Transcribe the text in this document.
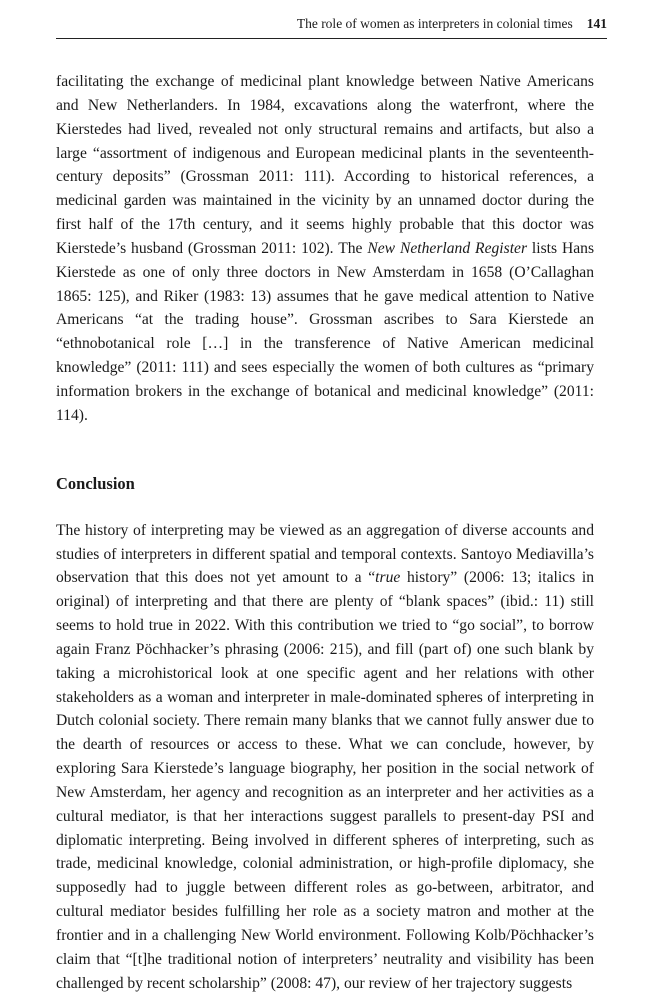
The role of women as interpreters in colonial times 141

facilitating the exchange of medicinal plant knowledge between Native Americans and New Netherlanders. In 1984, excavations along the waterfront, where the Kierstedes had lived, revealed not only structural remains and artifacts, but also a large “assortment of indigenous and European medicinal plants in the seventeenth-century deposits” (Grossman 2011: 111). According to historical references, a medicinal garden was maintained in the vicinity by an unnamed doctor during the first half of the 17th century, and it seems highly probable that this doctor was Kierstede’s husband (Grossman 2011: 102). The New Netherland Register lists Hans Kierstede as one of only three doctors in New Amsterdam in 1658 (O’Callaghan 1865: 125), and Riker (1983: 13) assumes that he gave medical attention to Native Americans “at the trading house”. Grossman ascribes to Sara Kierstede an “ethnobotanical role […] in the transference of Native American medicinal knowledge” (2011: 111) and sees especially the women of both cultures as “primary information brokers in the exchange of botanical and medicinal knowledge” (2011: 114).

Conclusion

The history of interpreting may be viewed as an aggregation of diverse accounts and studies of interpreters in different spatial and temporal contexts. Santoyo Mediavilla’s observation that this does not yet amount to a “true history” (2006: 13; italics in original) of interpreting and that there are plenty of “blank spaces” (ibid.: 11) still seems to hold true in 2022. With this contribution we tried to “go social”, to borrow again Franz Pöchhacker’s phrasing (2006: 215), and fill (part of) one such blank by taking a microhistorical look at one specific agent and her relations with other stakeholders as a woman and interpreter in male-dominated spheres of interpreting in Dutch colonial society. There remain many blanks that we cannot fully answer due to the dearth of resources or access to these. What we can conclude, however, by exploring Sara Kierstede’s language biography, her position in the social network of New Amsterdam, her agency and recognition as an interpreter and her activities as a cultural mediator, is that her interactions suggest parallels to present-day PSI and diplomatic interpreting. Being involved in different spheres of interpreting, such as trade, medicinal knowledge, colonial administration, or high-profile diplomacy, she supposedly had to juggle between different roles as go-between, arbitrator, and cultural mediator besides fulfilling her role as a society matron and mother at the frontier and in a challenging New World environment. Following Kolb/Pöchhacker’s claim that “[t]he traditional notion of interpreters’ neutrality and visibility has been challenged by recent scholarship” (2008: 47), our review of her trajectory suggests
